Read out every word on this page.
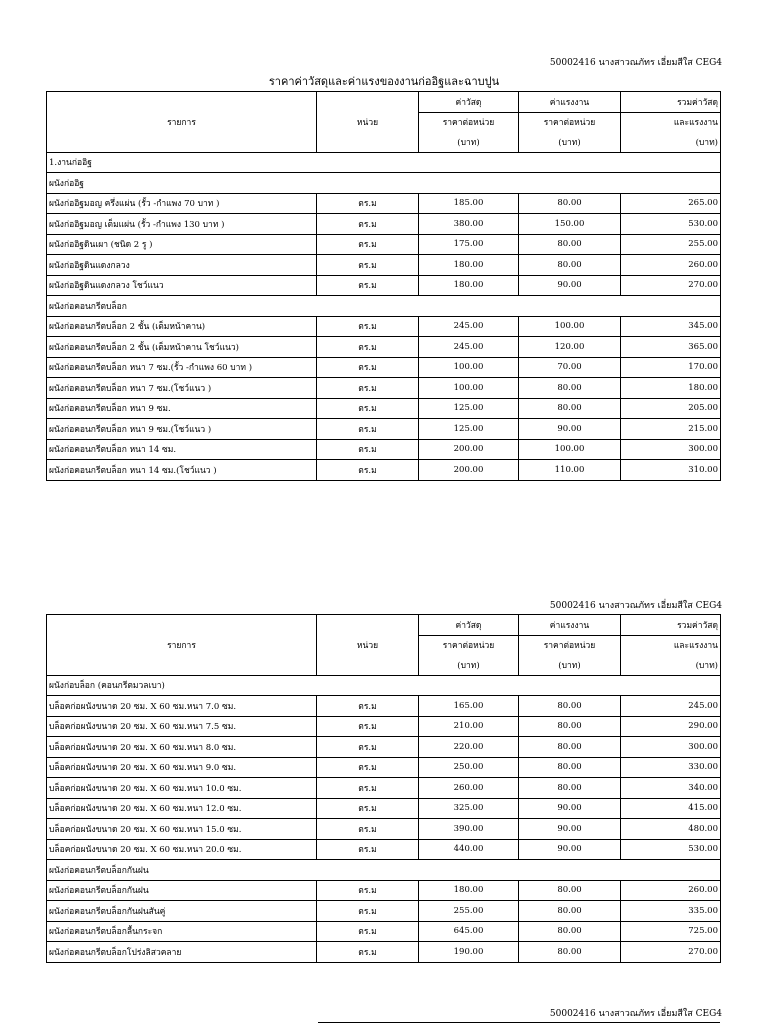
50002416 นางสาวณภัทร เอี่ยมสีใส CEG4
ราคาค่าวัสดุและค่าแรงของงานก่ออิฐและฉาบปูน
รายการ	หน่วย	ค่าวัสดุ	ค่าแรงงาน	รวมค่าวัสดุ
		ราคาต่อหน่วย	ราคาต่อหน่วย	และแรงงาน
		(บาท)	(บาท)	(บาท)
1.งานก่ออิฐ				
ผนังก่ออิฐ				
ผนังก่ออิฐมอญ ครึ่งแผ่น (รั้ว -กำแพง 70 บาท )	ตร.ม	185.00	80.00	265.00
ผนังก่ออิฐมอญ เต็มแผ่น (รั้ว -กำแพง 130 บาท )	ตร.ม	380.00	150.00	530.00
ผนังก่ออิฐดินเผา (ชนิด 2 รู )	ตร.ม	175.00	80.00	255.00
ผนังก่ออิฐดินแดงกลวง	ตร.ม	180.00	80.00	260.00
ผนังก่ออิฐดินแดงกลวง โชว์แนว	ตร.ม	180.00	90.00	270.00
ผนังก่อคอนกรีตบล็อก				
ผนังก่อคอนกรีตบล็อก 2 ชั้น (เต็มหน้าคาน)	ตร.ม	245.00	100.00	345.00
ผนังก่อคอนกรีตบล็อก 2 ชั้น (เต็มหน้าคาน โชว์แนว)	ตร.ม	245.00	120.00	365.00
ผนังก่อคอนกรีตบล็อก หนา 7 ซม.(รั้ว -กำแพง 60 บาท )	ตร.ม	100.00	70.00	170.00
ผนังก่อคอนกรีตบล็อก หนา 7 ซม.(โชว์แนว )	ตร.ม	100.00	80.00	180.00
ผนังก่อคอนกรีตบล็อก หนา 9 ซม.	ตร.ม	125.00	80.00	205.00
ผนังก่อคอนกรีตบล็อก หนา 9 ซม.(โชว์แนว )	ตร.ม	125.00	90.00	215.00
ผนังก่อคอนกรีตบล็อก หนา 14 ซม.	ตร.ม	200.00	100.00	300.00
ผนังก่อคอนกรีตบล็อก หนา 14 ซม.(โชว์แนว )	ตร.ม	200.00	110.00	310.00
50002416 นางสาวณภัทร เอี่ยมสีใส CEG4
รายการ	หน่วย	ค่าวัสดุ	ค่าแรงงาน	รวมค่าวัสดุ
		ราคาต่อหน่วย	ราคาต่อหน่วย	และแรงงาน
		(บาท)	(บาท)	(บาท)
ผนังก่อบล็อก (คอนกรีตมวลเบา)				
บล็อคก่อผนังขนาด 20 ซม. X 60 ซม.หนา 7.0 ซม.	ตร.ม	165.00	80.00	245.00
บล็อคก่อผนังขนาด 20 ซม. X 60 ซม.หนา 7.5 ซม.	ตร.ม	210.00	80.00	290.00
บล็อคก่อผนังขนาด 20 ซม. X 60 ซม.หนา 8.0 ซม.	ตร.ม	220.00	80.00	300.00
บล็อคก่อผนังขนาด 20 ซม. X 60 ซม.หนา 9.0 ซม.	ตร.ม	250.00	80.00	330.00
บล็อคก่อผนังขนาด 20 ซม. X 60 ซม.หนา 10.0 ซม.	ตร.ม	260.00	80.00	340.00
บล็อคก่อผนังขนาด 20 ซม. X 60 ซม.หนา 12.0 ซม.	ตร.ม	325.00	90.00	415.00
บล็อคก่อผนังขนาด 20 ซม. X 60 ซม.หนา 15.0 ซม.	ตร.ม	390.00	90.00	480.00
บล็อคก่อผนังขนาด 20 ซม. X 60 ซม.หนา 20.0 ซม.	ตร.ม	440.00	90.00	530.00
ผนังก่อคอนกรีตบล็อกกันฝน				
ผนังก่อคอนกรีตบล็อกกันฝน	ตร.ม	180.00	80.00	260.00
ผนังก่อคอนกรีตบล็อกกันฝนสันคู่	ตร.ม	255.00	80.00	335.00
ผนังก่อคอนกรีตบล็อกลื้นกระจก	ตร.ม	645.00	80.00	725.00
ผนังก่อคอนกรีตบล็อกโปร่งลิสวคลาย	ตร.ม	190.00	80.00	270.00
50002416 นางสาวณภัทร เอี่ยมสีใส CEG4
